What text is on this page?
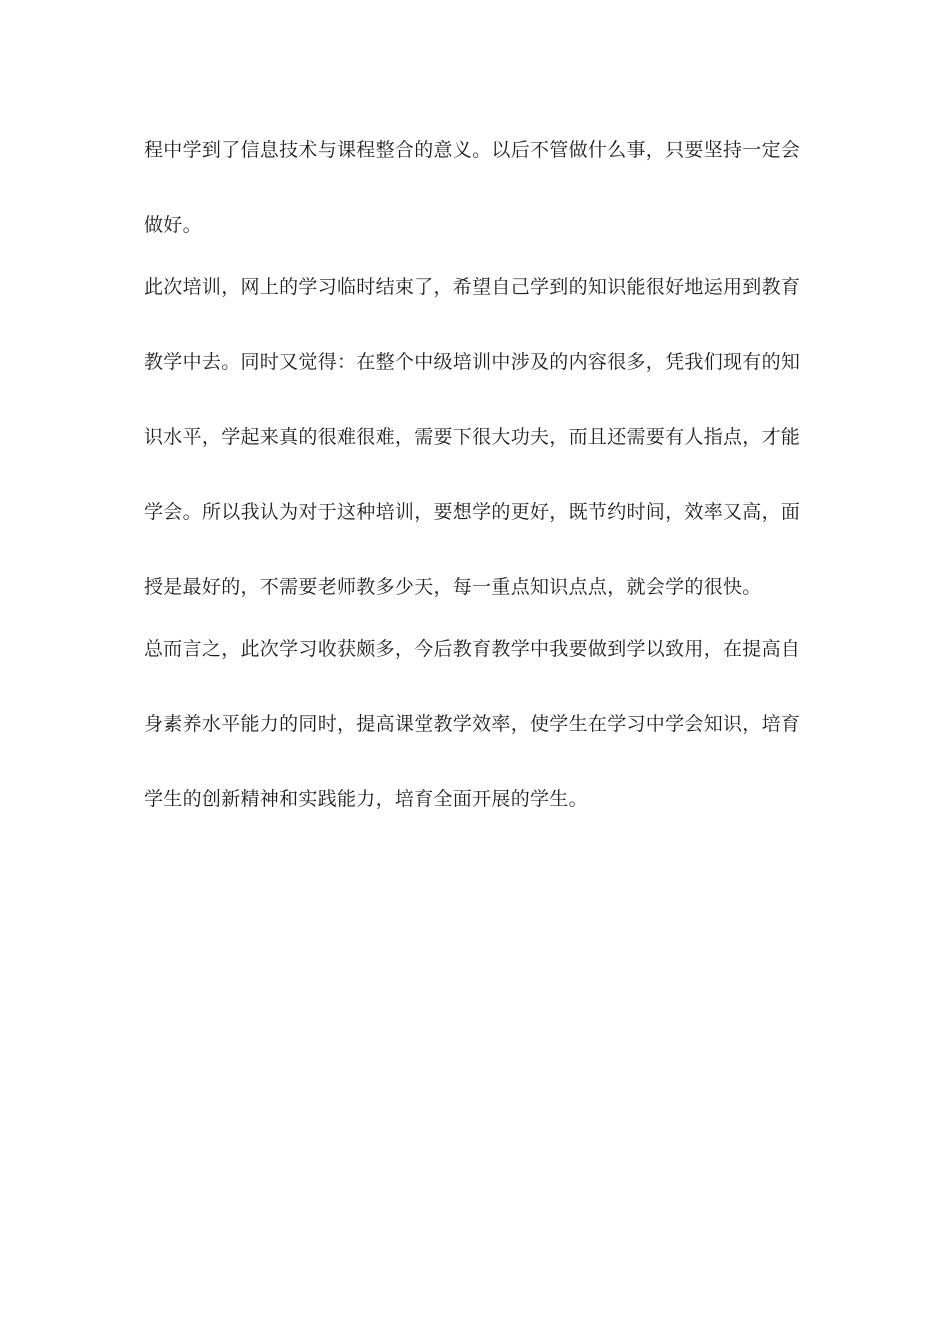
程中学到了信息技术与课程整合的意义。以后不管做什么事，只要坚持一定会
做好。
此次培训，网上的学习临时结束了，希望自己学到的知识能很好地运用到教育
教学中去。同时又觉得：在整个中级培训中涉及的内容很多，凭我们现有的知
识水平，学起来真的很难很难，需要下很大功夫，而且还需要有人指点，才能
学会。所以我认为对于这种培训，要想学的更好，既节约时间，效率又高，面
授是最好的，不需要老师教多少天，每一重点知识点点，就会学的很快。
总而言之，此次学习收获颇多，今后教育教学中我要做到学以致用，在提高自
身素养水平能力的同时，提高课堂教学效率，使学生在学习中学会知识，培育
学生的创新精神和实践能力，培育全面开展的学生。
